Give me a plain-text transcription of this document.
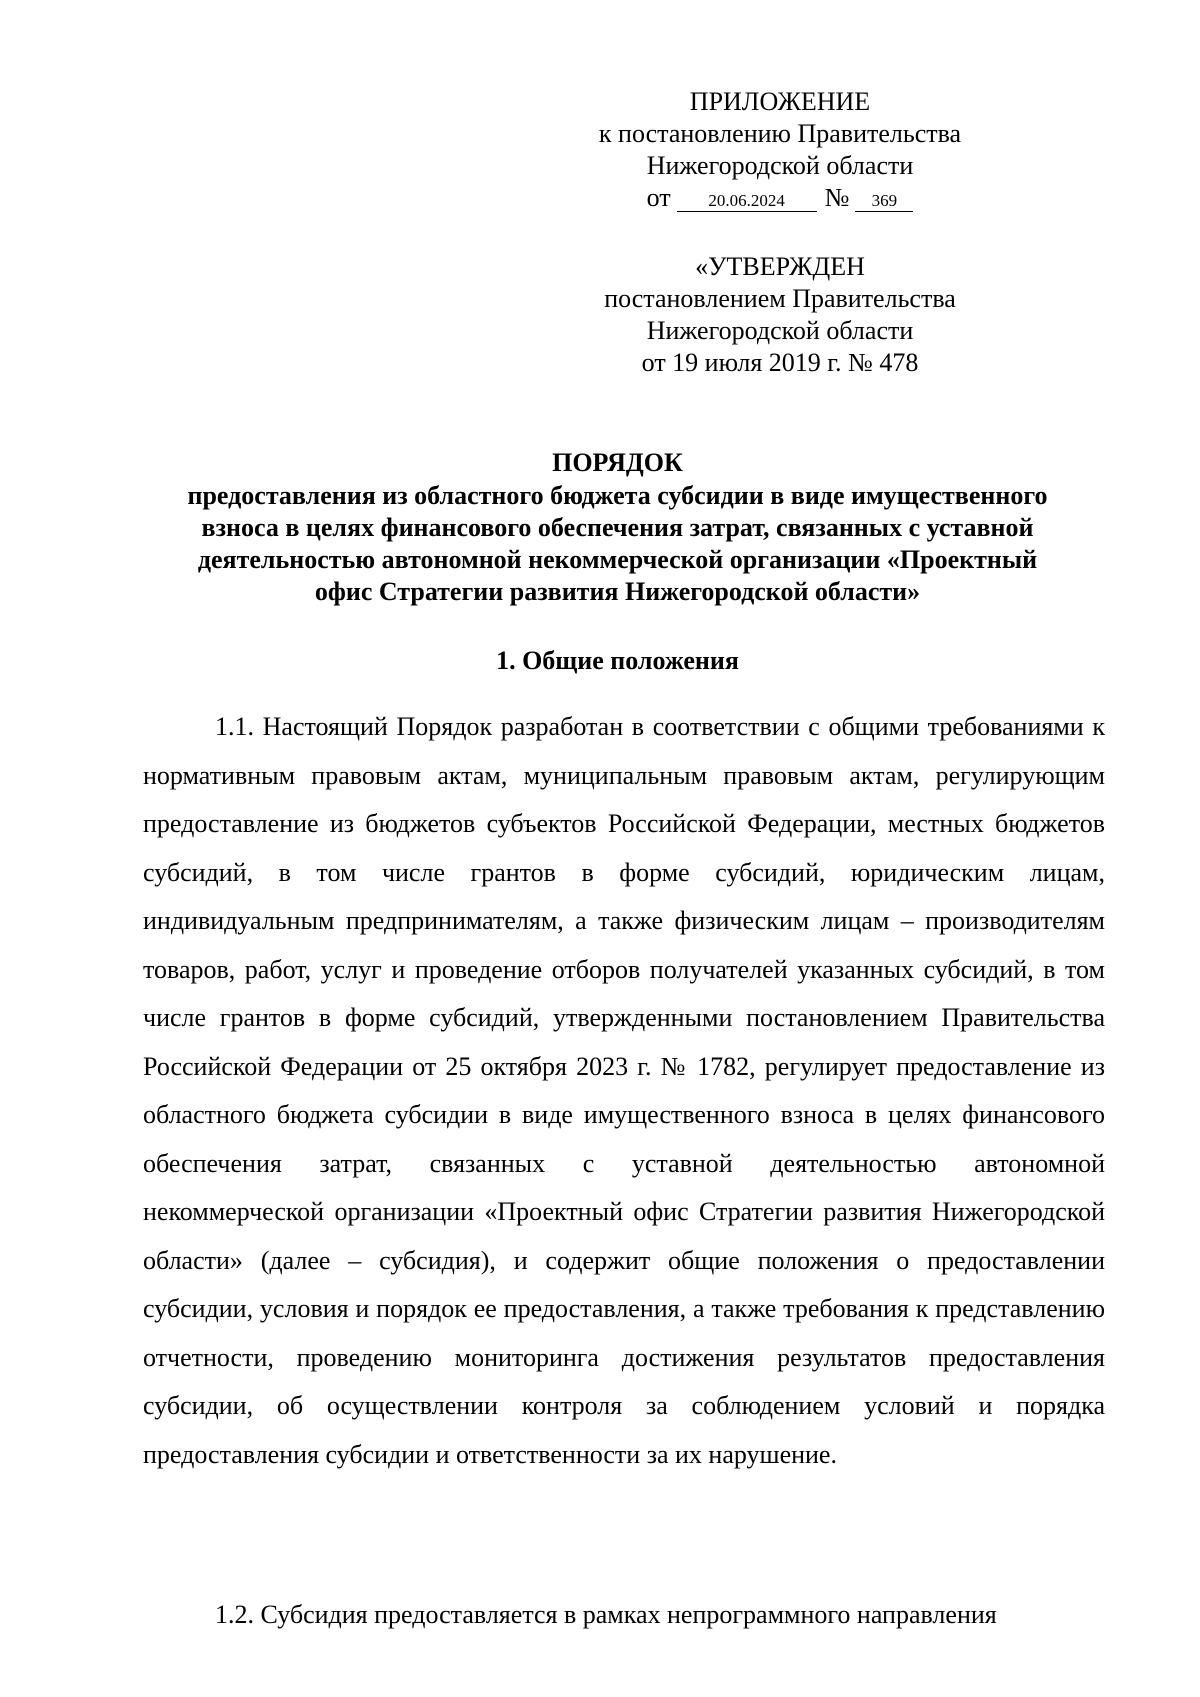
ПРИЛОЖЕНИЕ
к постановлению Правительства
Нижегородской области
от 20.06.2024 № 369
«УТВЕРЖДЕН
постановлением Правительства
Нижегородской области
от 19 июля 2019 г. № 478
ПОРЯДОК
предоставления из областного бюджета субсидии в виде имущественного
взноса в целях финансового обеспечения затрат, связанных с уставной
деятельностью автономной некоммерческой организации «Проектный
офис Стратегии развития Нижегородской области»
1. Общие положения

1.1. Настоящий Порядок разработан в соответствии с общими требованиями к нормативным правовым актам, муниципальным правовым актам, регулирующим предоставление из бюджетов субъектов Российской Федерации, местных бюджетов субсидий, в том числе грантов в форме субсидий, юридическим лицам, индивидуальным предпринимателям, а также физическим лицам – производителям товаров, работ, услуг и проведение отборов получателей указанных субсидий, в том числе грантов в форме субсидий, утвержденными постановлением Правительства Российской Федерации от 25 октября 2023 г. № 1782, регулирует предоставление из областного бюджета субсидии в виде имущественного взноса в целях финансового обеспечения затрат, связанных с уставной деятельностью автономной некоммерческой организации «Проектный офис Стратегии развития Нижегородской области» (далее – субсидия), и содержит общие положения о предоставлении субсидии, условия и порядок ее предоставления, а также требования к представлению отчетности, проведению мониторинга достижения результатов предоставления субсидии, об осуществлении контроля за соблюдением условий и порядка предоставления субсидии и ответственности за их нарушение.

1.2. Субсидия предоставляется в рамках непрограммного направления
